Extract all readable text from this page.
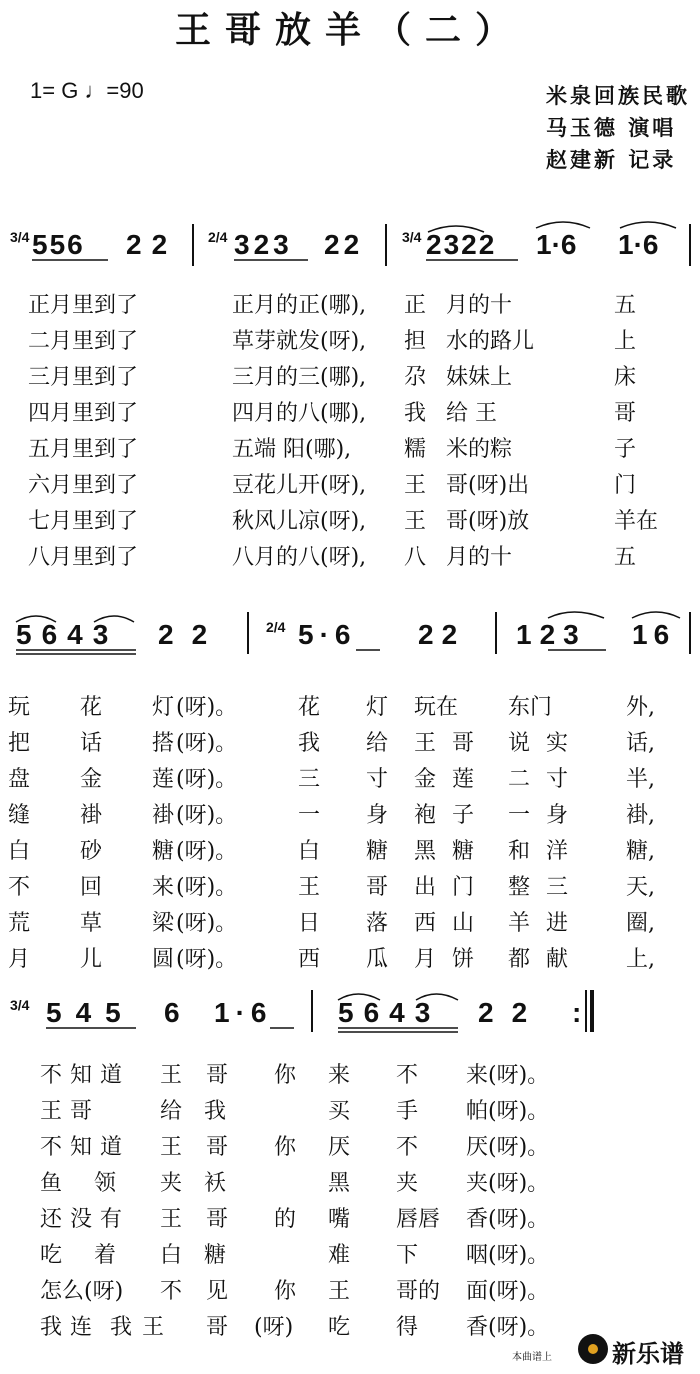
王哥放羊（二）
1= G ♩=90	米泉回族民歌
马玉德 演唱
赵建新 记录
3/4 556 22 2/4 323 22	3/4 2322 1·6 1·6
正月里到了	正月的正(哪), 正 月的十	五
二月里到了	草芽就发(呀), 担 水的路儿	上
三月里到了	三月的三(哪), 尕 妹妹上	床
四月里到了	四月的八(哪), 我 给 王	哥
五月里到了	五端 阳(哪), 糯 米的粽	子
六月里到了	豆花儿开(呀), 王 哥(呀)出	门
七月里到了	秋风儿凉(呀), 王 哥(呀)放	羊在
八月里到了	八月的八(呀), 八 月的十	五
5643 22	2/4 5·6 22 123 16
玩 花 灯 (呀)。	花 灯 玩在 东门	外,
把 话 搭 (呀)。	我 给 王哥 说实 话,
盘 金 莲 (呀)。	三 寸 金莲 二寸 半,
缝 褂 褂 (呀)。	一 身 袍子 一身 褂,
白 砂 糖 (呀)。	白 糖 黑糖 和洋 糖,
不 回 来 (呀)。	王 哥 出门 整三 天,
荒 草 梁 (呀)。	日 落 西山 羊进 圈,
月 儿 圆 (呀)。	西 瓜 月饼 都献 上,
3/4 545 6 1·6 5643 22 :
不知道 王 哥 你 来 不 来(呀)。
王 哥	给我	买 手 帕(呀)。
不知道 王 哥 你 厌 不 厌(呀)。
鱼 领 夹袄	黑 夹 夹(呀)。
还没有 王 哥 的 嘴 唇唇 香(呀)。
吃 着 白糖	难 下 咽(呀)。
怎么(呀) 不 见 你 王 哥的 面(呀)。
我连 我王 哥 (呀) 吃 得 香(呀)。
本曲谱上	新乐谱
